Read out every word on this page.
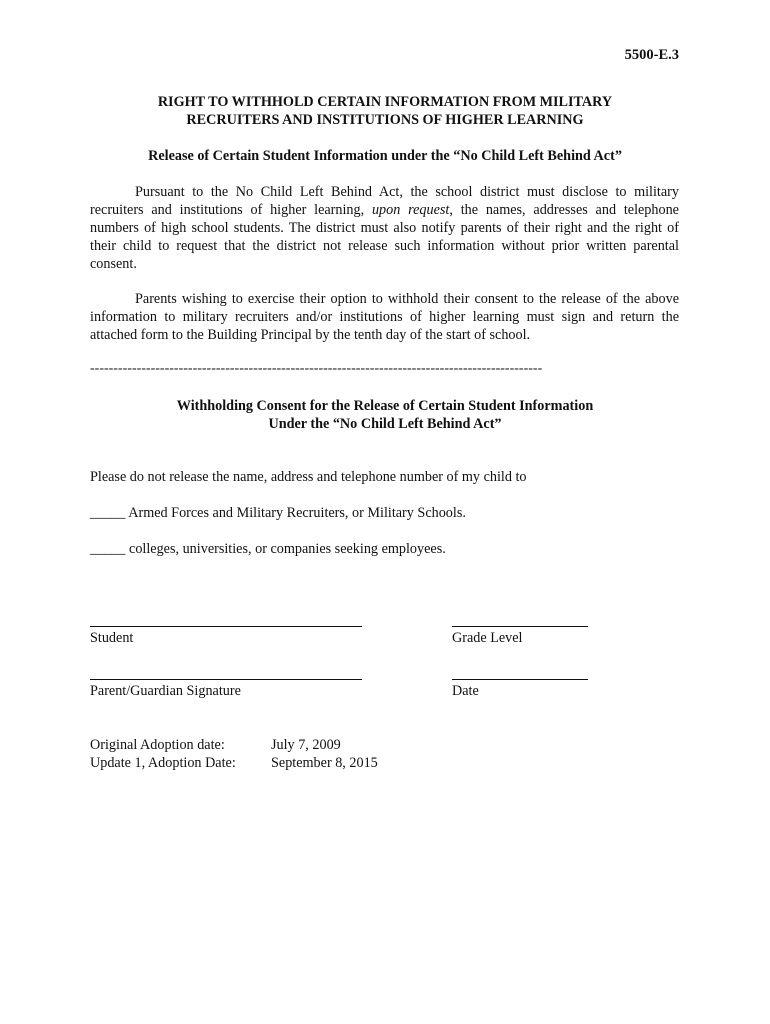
5500-E.3
RIGHT TO WITHHOLD CERTAIN INFORMATION FROM MILITARY
RECRUITERS AND INSTITUTIONS OF HIGHER LEARNING
Release of Certain Student Information under the “No Child Left Behind Act”
Pursuant to the No Child Left Behind Act, the school district must disclose to military recruiters and institutions of higher learning, upon request, the names, addresses and telephone numbers of high school students. The district must also notify parents of their right and the right of their child to request that the district not release such information without prior written parental consent.
Parents wishing to exercise their option to withhold their consent to the release of the above information to military recruiters and/or institutions of higher learning must sign and return the attached form to the Building Principal by the tenth day of the start of school.
-------------------------------------------------------------------------------------------------
Withholding Consent for the Release of Certain Student Information
Under the “No Child Left Behind Act”
Please do not release the name, address and telephone number of my child to
_____ Armed Forces and Military Recruiters, or Military Schools.
_____ colleges, universities, or companies seeking employees.
Student	Grade Level
Parent/Guardian Signature	Date
Original Adoption date:	July 7, 2009
Update 1, Adoption Date: September 8, 2015
